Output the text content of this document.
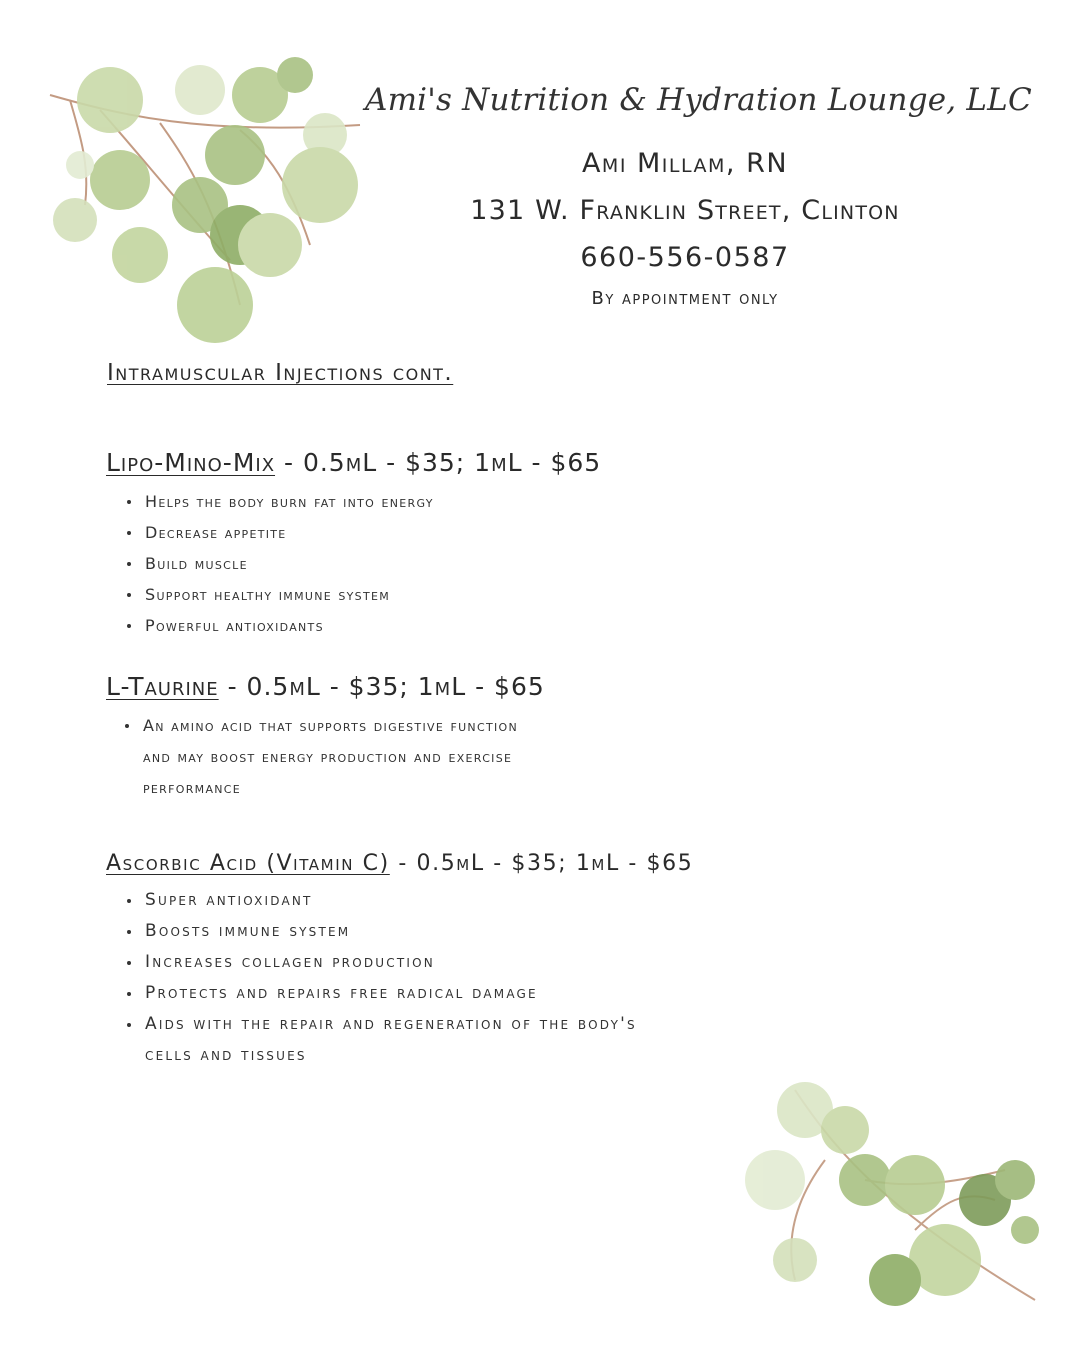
Ami's Nutrition & Hydration Lounge, LLC
Ami Millam, RN
131 W. Franklin Street, Clinton
660-556-0587
By appointment only
Intramuscular Injections cont.
Lipo-Mino-Mix - 0.5mL - $35; 1mL - $65
Helps the body burn fat into energy
Decrease appetite
Build muscle
Support healthy immune system
Powerful antioxidants
L-Taurine - 0.5mL - $35; 1mL - $65
An amino acid that supports digestive function
and may boost energy production and exercise
performance
Ascorbic Acid (Vitamin C) - 0.5mL - $35; 1mL - $65
Super antioxidant
Boosts immune system
Increases collagen production
Protects and repairs free radical damage
Aids with the repair and regeneration of the body's
cells and tissues
